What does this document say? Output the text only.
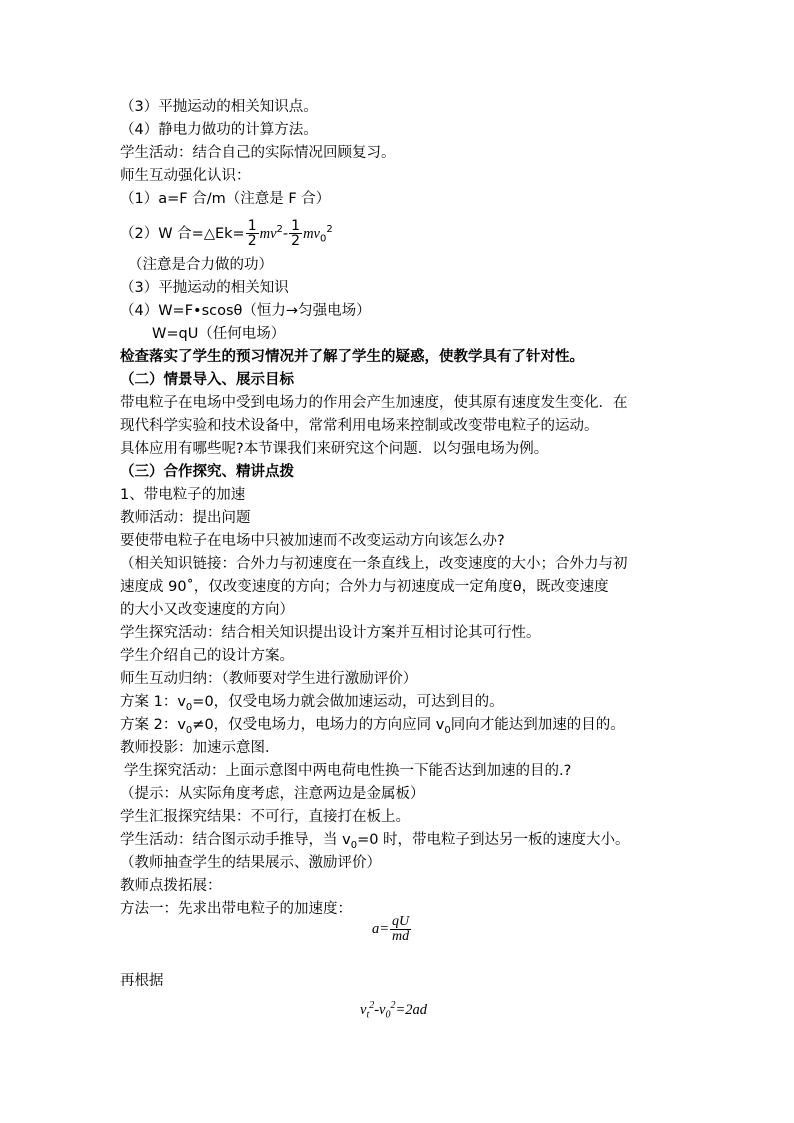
（3）平抛运动的相关知识点。
（4）静电力做功的计算方法。
学生活动：结合自己的实际情况回顾复习。
师生互动强化认识：
（1）a=F 合/m（注意是 F 合）
（2）W 合=△Ek= $\frac{1}{2} mv^2- \frac{1}{2} mv_0^2$
（注意是合力做的功）
（3）平抛运动的相关知识
（4）W=F•scosθ（恒力→匀强电场）
W=qU（任何电场）
检查落实了学生的预习情况并了解了学生的疑惑，使教学具有了针对性。
（二）情景导入、展示目标
带电粒子在电场中受到电场力的作用会产生加速度，使其原有速度发生变化．在
现代科学实验和技术设备中，常常利用电场来控制或改变带电粒子的运动。
具体应用有哪些呢?本节课我们来研究这个问题．以匀强电场为例。
（三）合作探究、精讲点拨
1、带电粒子的加速
教师活动：提出问题
要使带电粒子在电场中只被加速而不改变运动方向该怎么办?
（相关知识链接：合外力与初速度在一条直线上，改变速度的大小；合外力与初
速度成 90˚，仅改变速度的方向；合外力与初速度成一定角度θ，既改变速度
的大小又改变速度的方向）
学生探究活动：结合相关知识提出设计方案并互相讨论其可行性。
学生介绍自己的设计方案。
师生互动归纳：（教师要对学生进行激励评价）
方案 1：$v_0=0$，仅受电场力就会做加速运动，可达到目的。
方案 2：$v_0\ne 0$，仅受电场力，电场力的方向应同 $v_0$同向才能达到加速的目的。
教师投影：加速示意图．
学生探究活动：上面示意图中两电荷电性换一下能否达到加速的目的.?
（提示：从实际角度考虑，注意两边是金属板）
学生汇报探究结果：不可行，直接打在板上。
学生活动：结合图示动手推导，当 $v_0=0$ 时，带电粒子到达另一板的速度大小。
（教师抽查学生的结果展示、激励评价）
教师点拨拓展：
方法一：先求出带电粒子的加速度：
$a= \frac{qU}{md}$
再根据
$v_t^2-v_0^2=2ad$
